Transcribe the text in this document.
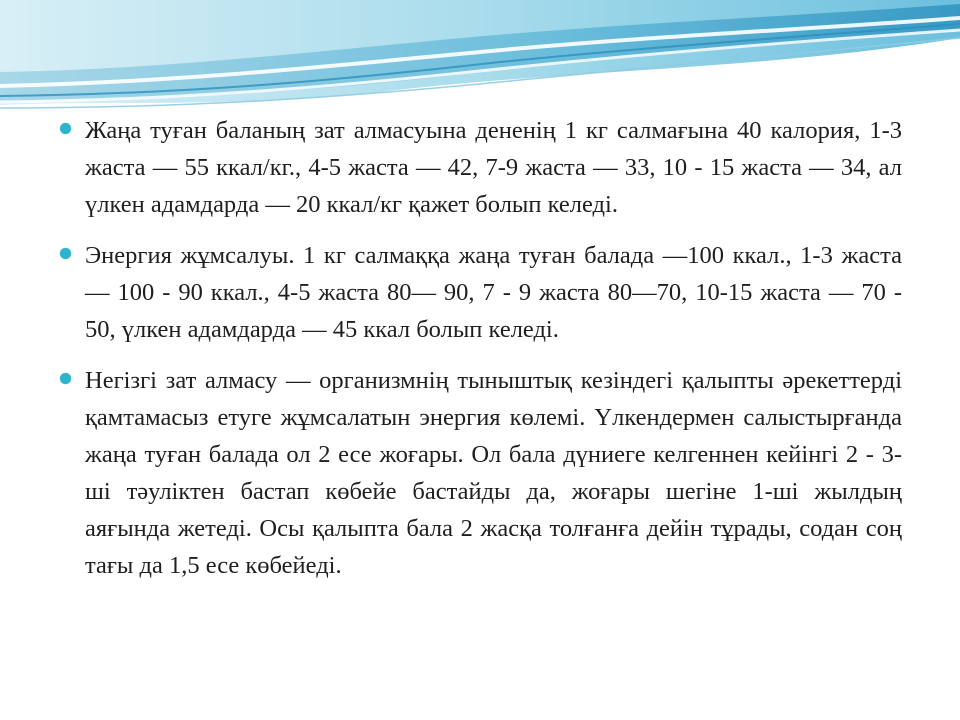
Жаңа туған баланың зат алмасуына дененің 1 кг салмағына 40 калория, 1-3 жаста — 55 ккал/кг., 4-5 жаста — 42, 7-9 жаста — 33, 10 - 15 жаста — 34, ал үлкен адамдарда — 20 ккал/кг қажет болып келеді.
Энергия жұмсалуы. 1 кг салмаққа жаңа туған балада —100 ккал., 1-3 жаста — 100 - 90 ккал., 4-5 жаста 80— 90, 7 - 9 жаста 80—70, 10-15 жаста — 70 - 50, үлкен адамдарда — 45 ккал болып келеді.
Негізгі зат алмасу — организмнің тыныштық кезіндегі қалыпты әрекеттерді қамтамасыз етуге жұмсалатын энергия көлемі. Үлкендермен салыстырғанда жаңа туған балада ол 2 есе жоғары. Ол бала дүниеге келгеннен кейінгі 2 - 3-ші тәуліктен бастап көбейе бастайды да, жоғары шегіне 1-ші жылдың аяғында жетеді. Осы қалыпта бала 2 жасқа толғанға дейін тұрады, содан соң тағы да 1,5 есе көбейеді.
